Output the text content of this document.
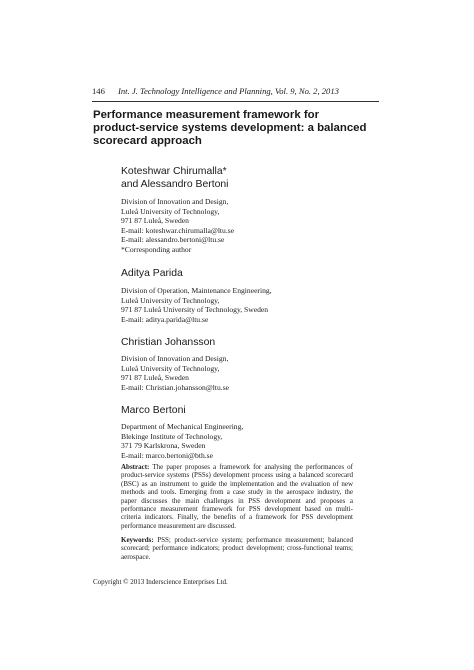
146 Int. J. Technology Intelligence and Planning, Vol. 9, No. 2, 2013
Performance measurement framework for
product-service systems development: a balanced
scorecard approach
Koteshwar Chirumalla*
and Alessandro Bertoni
Division of Innovation and Design,
Luleå University of Technology,
971 87 Luleå, Sweden
E-mail: koteshwar.chirumalla@ltu.se
E-mail: alessandro.bertoni@ltu.se
*Corresponding author
Aditya Parida
Division of Operation, Maintenance Engineering,
Luleå University of Technology,
971 87 Luleå University of Technology, Sweden
E-mail: aditya.parida@ltu.se
Christian Johansson
Division of Innovation and Design,
Luleå University of Technology,
971 87 Luleå, Sweden
E-mail: Christian.johansson@ltu.se
Marco Bertoni
Department of Mechanical Engineering,
Blekinge Institute of Technology,
371 79 Karlskrona, Sweden
E-mail: marco.bertoni@bth.se
Abstract: The paper proposes a framework for analysing the performances of product-service systems (PSSs) development process using a balanced scorecard (BSC) as an instrument to guide the implementation and the evaluation of new methods and tools. Emerging from a case study in the aerospace industry, the paper discusses the main challenges in PSS development and proposes a performance measurement framework for PSS development based on multi-criteria indicators. Finally, the benefits of a framework for PSS development performance measurement are discussed.
Keywords: PSS; product-service system; performance measurement; balanced scorecard; performance indicators; product development; cross-functional teams; aerospace.
Copyright © 2013 Inderscience Enterprises Ltd.
